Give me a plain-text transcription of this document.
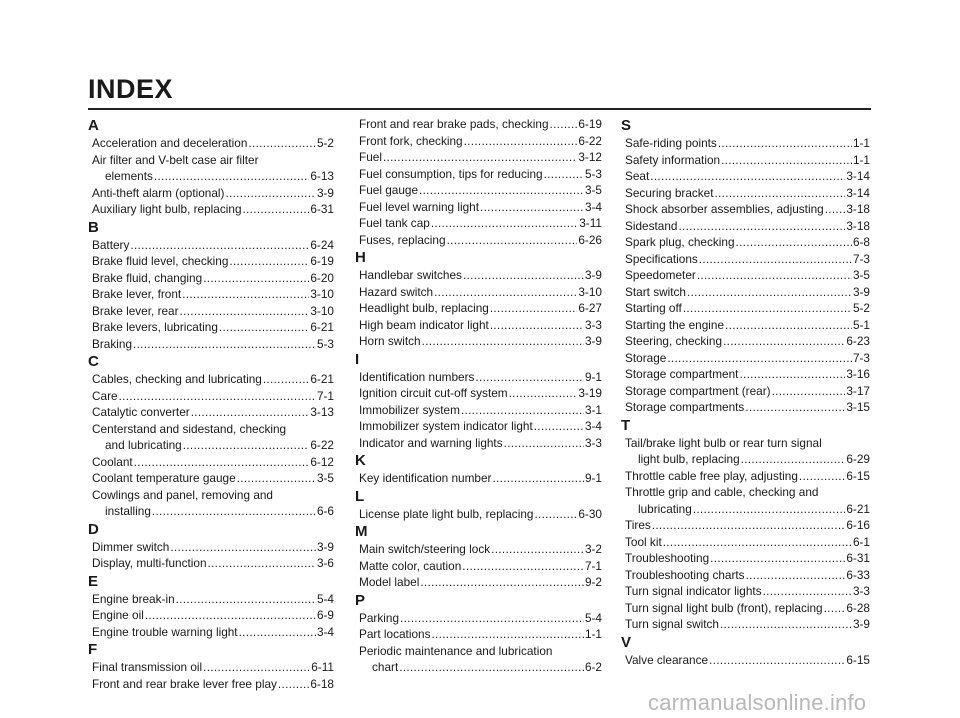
INDEX
A
Acceleration and deceleration .....	5-2
Air filter and V-belt case air filter
elements .....	6-13
Anti-theft alarm (optional) .....	3-9
Auxiliary light bulb, replacing .....	6-31
B
Battery .....	6-24
Brake fluid level, checking .....	6-19
Brake fluid, changing .....	6-20
Brake lever, front .....	3-10
Brake lever, rear .....	3-10
Brake levers, lubricating .....	6-21
Braking .....	5-3
C
Cables, checking and lubricating .....	6-21
Care .....	7-1
Catalytic converter .....	3-13
Centerstand and sidestand, checking
and lubricating .....	6-22
Coolant .....	6-12
Coolant temperature gauge .....	3-5
Cowlings and panel, removing and
installing .....	6-6
D
Dimmer switch .....	3-9
Display, multi-function .....	3-6
E
Engine break-in .....	5-4
Engine oil .....	6-9
Engine trouble warning light .....	3-4
F
Final transmission oil .....	6-11
Front and rear brake lever free play .....	6-18
Front and rear brake pads, checking .....	6-19
Front fork, checking .....	6-22
Fuel .....	3-12
Fuel consumption, tips for reducing .....	5-3
Fuel gauge .....	3-5
Fuel level warning light .....	3-4
Fuel tank cap .....	3-11
Fuses, replacing .....	6-26
H
Handlebar switches .....	3-9
Hazard switch .....	3-10
Headlight bulb, replacing .....	6-27
High beam indicator light .....	3-3
Horn switch .....	3-9
I
Identification numbers .....	9-1
Ignition circuit cut-off system .....	3-19
Immobilizer system .....	3-1
Immobilizer system indicator light .....	3-4
Indicator and warning lights .....	3-3
K
Key identification number .....	9-1
L
License plate light bulb, replacing .....	6-30
M
Main switch/steering lock .....	3-2
Matte color, caution .....	7-1
Model label .....	9-2
P
Parking .....	5-4
Part locations .....	1-1
Periodic maintenance and lubrication
chart .....	6-2
S
Safe-riding points .....	1-1
Safety information .....	1-1
Seat .....	3-14
Securing bracket .....	3-14
Shock absorber assemblies, adjusting ..... 3-18
Sidestand .....	3-18
Spark plug, checking .....	6-8
Specifications .....	7-3
Speedometer .....	3-5
Start switch .....	3-9
Starting off .....	5-2
Starting the engine .....	5-1
Steering, checking .....	6-23
Storage .....	7-3
Storage compartment .....	3-16
Storage compartment (rear) .....	3-17
Storage compartments .....	3-15
T
Tail/brake light bulb or rear turn signal
light bulb, replacing .....	6-29
Throttle cable free play, adjusting .....	6-15
Throttle grip and cable, checking and
lubricating .....	6-21
Tires .....	6-16
Tool kit .....	6-1
Troubleshooting .....	6-31
Troubleshooting charts .....	6-33
Turn signal indicator lights .....	3-3
Turn signal light bulb (front), replacing ..... 6-28
Turn signal switch .....	3-9
V
Valve clearance .....	6-15
carmanualsonline.info
